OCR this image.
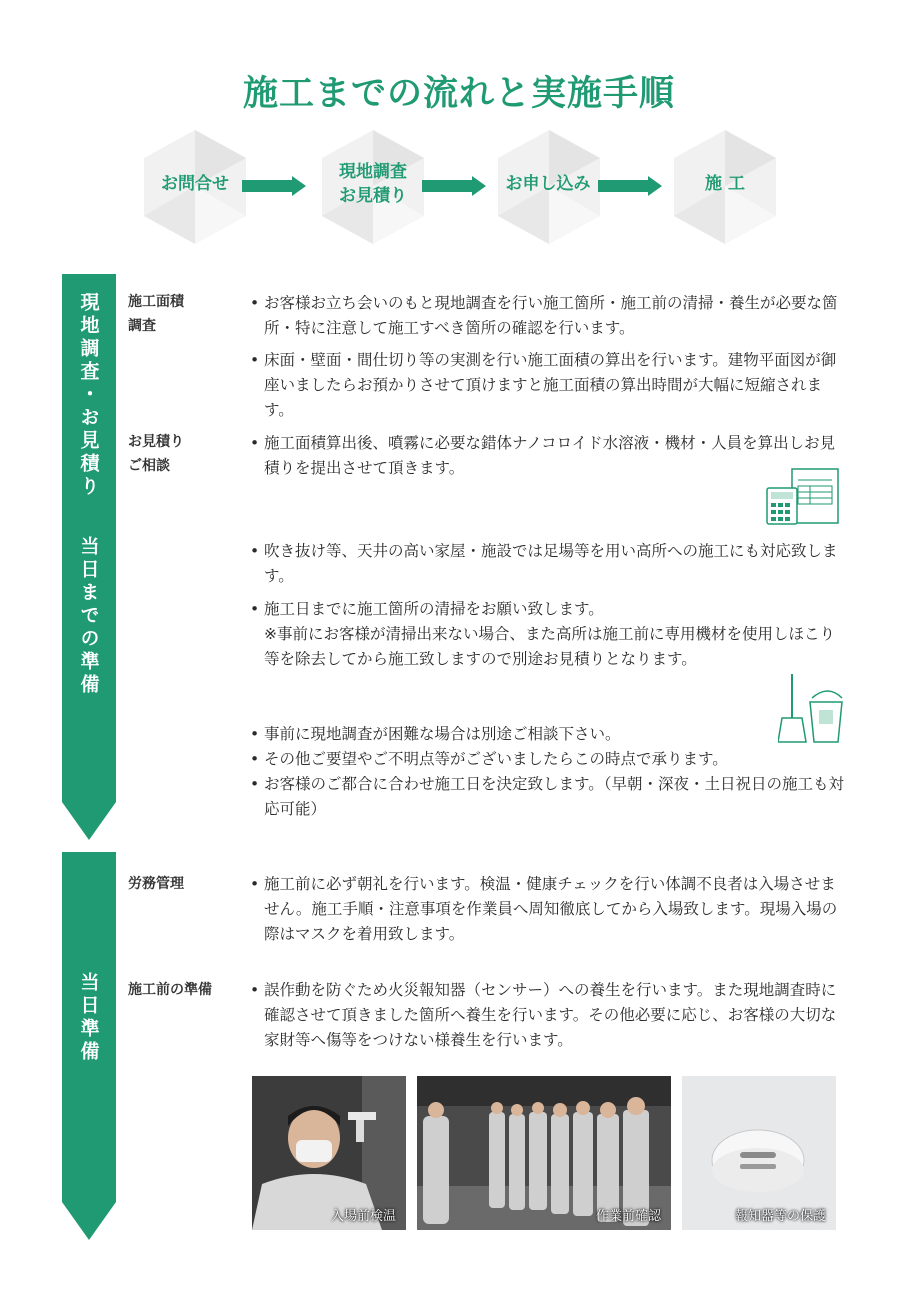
施工までの流れと実施手順
お問合せ
現地調査
お見積り
お申し込み	施 工
現地調査・お見積り
当日までの準備
施工面積
調査
• お客様お立ち会いのもと現地調査を行い施工箇所・施工前の清掃・養生が必要な箇所・特に注意して施工すべき箇所の確認を行います。
• 床面・壁面・間仕切り等の実測を行い施工面積の算出を行います。建物平面図が御座いましたらお預かりさせて頂けますと施工面積の算出時間が大幅に短縮されます。
お見積り
ご相談
• 施工面積算出後、噴霧に必要な錯体ナノコロイド水溶液・機材・人員を算出しお見積りを提出させて頂きます。
• 吹き抜け等、天井の高い家屋・施設では足場等を用い高所への施工にも対応致します。
• 施工日までに施工箇所の清掃をお願い致します。
※事前にお客様が清掃出来ない場合、また高所は施工前に専用機材を使用しほこり等を除去してから施工致しますので別途お見積りとなります。
• 事前に現地調査が困難な場合は別途ご相談下さい。
• その他ご要望やご不明点等がございましたらこの時点で承ります。
• お客様のご都合に合わせ施工日を決定致します。（早朝・深夜・土日祝日の施工も対応可能）
当日準備
労務管理	• 施工前に必ず朝礼を行います。検温・健康チェックを行い体調不良者は入場させません。施工手順・注意事項を作業員へ周知徹底してから入場致します。現場入場の際はマスクを着用致します。
施工前の準備	• 誤作動を防ぐため火災報知器（センサー）への養生を行います。また現地調査時に確認させて頂きました箇所へ養生を行います。その他必要に応じ、お客様の大切な家財等へ傷等をつけない様養生を行います。
入場前検温	作業前確認	報知器等の保護
